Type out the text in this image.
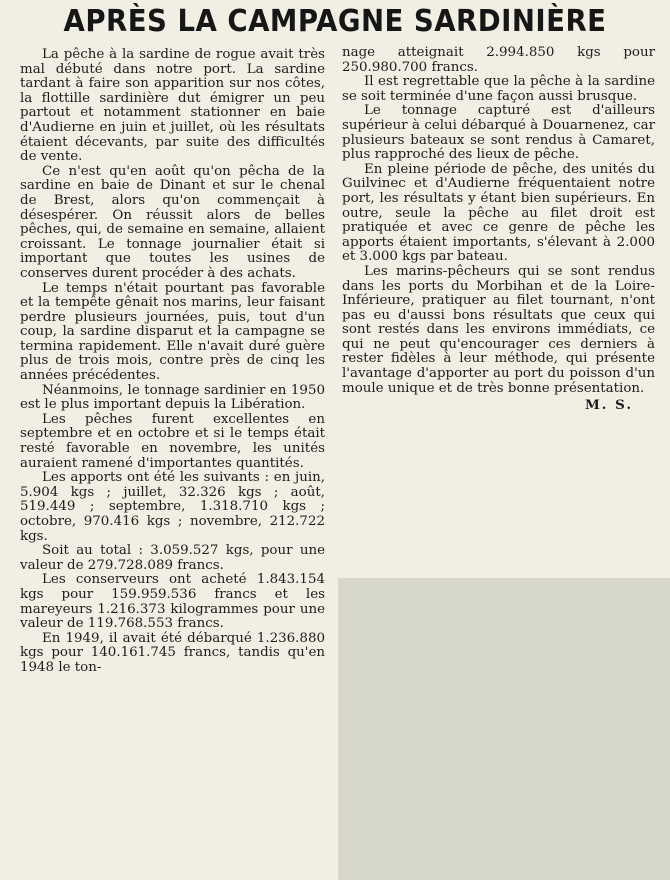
APRÈS LA CAMPAGNE SARDINIÈRE

La pêche à la sardine de rogue avait très mal débuté dans notre port. La sardine tardant à faire son apparition sur nos côtes, la flottille sardinière dut émigrer un peu partout et notamment stationner en baie d'Audierne en juin et juillet, où les résultats étaient décevants, par suite des difficultés de vente.

Ce n'est qu'en août qu'on pêcha de la sardine en baie de Dinant et sur le chenal de Brest, alors qu'on commençait à désespérer. On réussit alors de belles pêches, qui, de semaine en semaine, allaient croissant. Le tonnage journalier était si important que toutes les usines de conserves durent procéder à des achats.

Le temps n'était pourtant pas favorable et la tempête gênait nos marins, leur faisant perdre plusieurs journées, puis, tout d'un coup, la sardine disparut et la campagne se termina rapidement. Elle n'avait duré guère plus de trois mois, contre près de cinq les années précédentes.

Néanmoins, le tonnage sardinier en 1950 est le plus important depuis la Libération.

Les pêches furent excellentes en septembre et en octobre et si le temps était resté favorable en novembre, les unités auraient ramené d'importantes quantités.

Les apports ont été les suivants : en juin, 5.904 kgs ; juillet, 32.326 kgs ; août, 519.449 ; septembre, 1.318.710 kgs ; octobre, 970.416 kgs ; novembre, 212.722 kgs.

Soit au total : 3.059.527 kgs, pour une valeur de 279.728.089 francs.

Les conserveurs ont acheté 1.843.154 kgs pour 159.959.536 francs et les mareyeurs 1.216.373 kilogrammes pour une valeur de 119.768.553 francs.

En 1949, il avait été débarqué 1.236.880 kgs pour 140.161.745 francs, tandis qu'en 1948 le ton-

nage atteignait 2.994.850 kgs pour 250.980.700 francs.

Il est regrettable que la pêche à la sardine se soit terminée d'une façon aussi brusque.

Le tonnage capturé est d'ailleurs supérieur à celui débarqué à Douarnenez, car plusieurs bateaux se sont rendus à Camaret, plus rapproché des lieux de pêche.

En pleine période de pêche, des unités du Guilvinec et d'Audierne fréquentaient notre port, les résultats y étant bien supérieurs. En outre, seule la pêche au filet droit est pratiquée et avec ce genre de pêche les apports étaient importants, s'élevant à 2.000 et 3.000 kgs par bateau.

Les marins-pêcheurs qui se sont rendus dans les ports du Morbihan et de la Loire-Inférieure, pratiquer au filet tournant, n'ont pas eu d'aussi bons résultats que ceux qui sont restés dans les environs immédiats, ce qui ne peut qu'encourager ces derniers à rester fidèles à leur méthode, qui présente l'avantage d'apporter au port du poisson d'un moule unique et de très bonne présentation.

M. S.
